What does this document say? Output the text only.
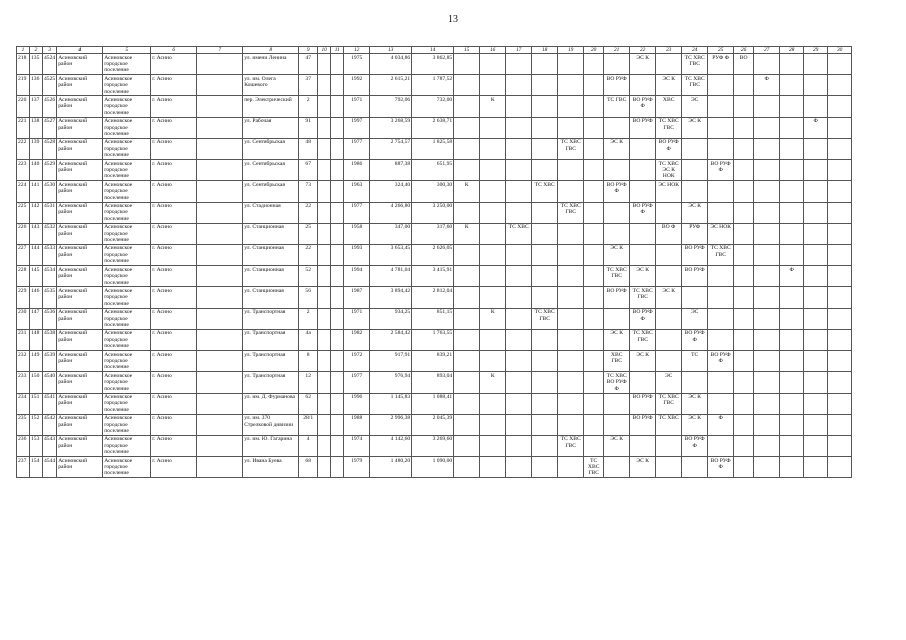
13
1	2	3	4	5	6	7	8	9	10	11	12	13	14	15	16	17	18	19	20	21	22	23	24	25	26	27	28	29	30
218	135	4524	Асиновский район	Асиновское городское поселение	г. Асино		ул. имени Ленина	47			1975	4 034,86	3 862,85								ЭС К		ТС ХВС ГВС	РУФ Ф	ВО				
219	136	4525	Асиновский район	Асиновское городское поселение	г. Асино		ул. им. Олега Кошевого	37			1992	2 615,21	1 787,52							ВО РУФ		ЭС К	ТС ХВС ГВС			Ф			
220	137	4526	Асиновский район	Асиновское городское поселение	г. Асино		пер. Электрический	2			1971	792,06	732,00		К					ТС ГВС	ВО РУФ Ф	ХВС	ЭС						
221	138	4527	Асиновский район	Асиновское городское поселение	г. Асино		ул. Рабочая	91			1997	3 268,59	2 638,71								ВО РУФ	ТС ХВС ГВС	ЭС К					Ф	
222	139	4528	Асиновский район	Асиновское городское поселение	г. Асино		ул. Сентябрьская	48			1977	2 754,57	1 825,58					ТС ХВС ГВС		ЭС К		ВО РУФ Ф							
223	140	4529	Асиновский район	Асиновское городское поселение	г. Асино		ул. Сентябрьская	67			1986	887,38	651,95									ТС ХВС ЭС К НОК		ВО РУФ Ф					
224	141	4530	Асиновский район	Асиновское городское поселение	г. Асино		ул. Сентябрьская	73			1963	324,40	300,30	К			ТС ХВС			ВО РУФ Ф		ЭС НОК							
225	142	4531	Асиновский район	Асиновское городское поселение	г. Асино		ул. Стадионная	22			1977	4 266,80	3 250,00					ТС ХВС ГВС			ВО РУФ Ф		ЭС К						
226	143	4532	Асиновский район	Асиновское городское поселение	г. Асино		ул. Станционная	25			1958	347,00	317,60	К		ТС ХВС						ВО Ф	РУФ	ЭС НОК					
227	144	4533	Асиновский район	Асиновское городское поселение	г. Асино		ул. Станционная	22			1993	3 653,45	2 626,05							ЭС К			ВО РУФ	ТС ХВС ГВС					
228	145	4534	Асиновский район	Асиновское городское поселение	г. Асино		ул. Станционная	52			1994	4 781,04	3 415,91							ТС ХВС ГВС	ЭС К		ВО РУФ				Ф		
229	146	4535	Асиновский район	Асиновское городское поселение	г. Асино		ул. Станционная	56			1987	3 894,42	2 812,04							ВО РУФ	ТС ХВС ГВС	ЭС К							
230	147	4536	Асиновский район	Асиновское городское поселение	г. Асино		ул. Транспортная	2			1971	934,25	851,15		К		ТС ХВС ГВС				ВО РУФ Ф		ЭС						
231	148	4538	Асиновский район	Асиновское городское поселение	г. Асино		ул. Транспортная	4а			1982	2 584,42	1 763,55							ЭС К	ТС ХВС ГВС		ВО РУФ Ф						
232	149	4539	Асиновский район	Асиновское городское поселение	г. Асино		ул. Транспортная	8			1972	917,91	839,21							ХВС ГВС	ЭС К		ТС	ВО РУФ Ф					
233	150	4540	Асиновский район	Асиновское городское поселение	г. Асино		ул. Транспортная	12			1977	976,94	893,04		К					ТС ХВС ВО РУФ Ф		ЭС							
234	151	4541	Асиновский район	Асиновское городское поселение	г. Асино		ул. им. Д. Фурманова	62			1996	1 145,83	1 088,41								ВО РУФ	ТС ХВС ГВС	ЭС К						
235	152	4542	Асиновский район	Асиновское городское поселение	г. Асино		ул. им. 370 Стрелковой дивизии	28/1			1988	2 996,38	2 045,39								ВО РУФ	ТС ХВС	ЭС К	Ф					
236	153	4543	Асиновский район	Асиновское городское поселение	г. Асино		ул. им. Ю. Гагарина	4			1974	4 142,60	3 269,60					ТС ХВС ГВС		ЭС К			ВО РУФ Ф						
237	154	4544	Асиновский район	Асиновское городское поселение	г. Асино		ул. Ивана Буева	68			1979	1 480,20	1 090,00						ТС ХВС ГВС		ЭС К			ВО РУФ Ф					
